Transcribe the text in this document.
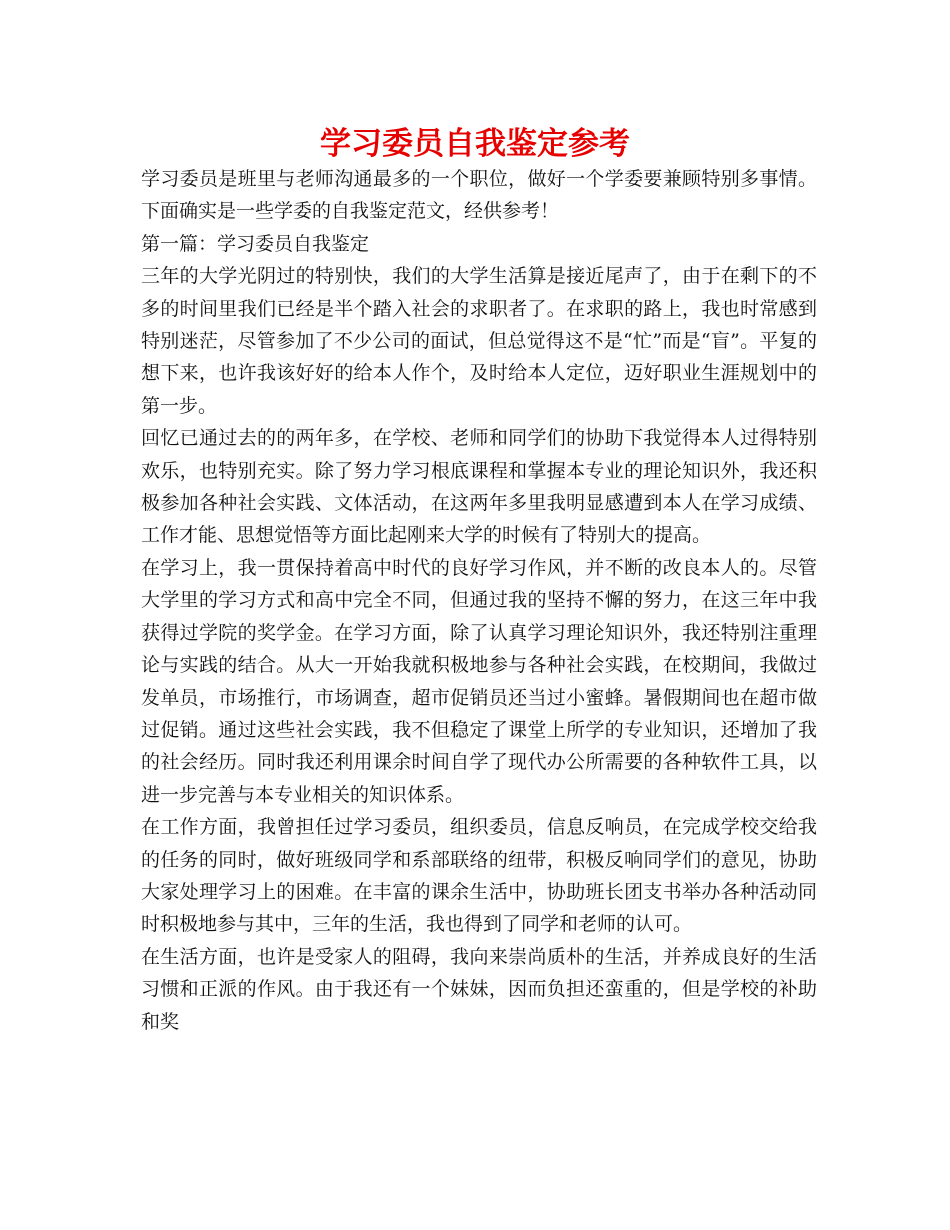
学习委员自我鉴定参考

学习委员是班里与老师沟通最多的一个职位，做好一个学委要兼顾特别多事情。下面确实是一些学委的自我鉴定范文，经供参考！

第一篇：学习委员自我鉴定

三年的大学光阴过的特别快，我们的大学生活算是接近尾声了，由于在剩下的不多的时间里我们已经是半个踏入社会的求职者了。在求职的路上，我也时常感到特别迷茫，尽管参加了不少公司的面试，但总觉得这不是“忙”而是“盲”。平复的想下来，也许我该好好的给本人作个，及时给本人定位，迈好职业生涯规划中的第一步。

回忆已通过去的的两年多，在学校、老师和同学们的协助下我觉得本人过得特别欢乐，也特别充实。除了努力学习根底课程和掌握本专业的理论知识外，我还积极参加各种社会实践、文体活动，在这两年多里我明显感遭到本人在学习成绩、工作才能、思想觉悟等方面比起刚来大学的时候有了特别大的提高。

在学习上，我一贯保持着高中时代的良好学习作风，并不断的改良本人的。尽管大学里的学习方式和高中完全不同，但通过我的坚持不懈的努力，在这三年中我获得过学院的奖学金。在学习方面，除了认真学习理论知识外，我还特别注重理论与实践的结合。从大一开始我就积极地参与各种社会实践，在校期间，我做过发单员，市场推行，市场调查，超市促销员还当过小蜜蜂。暑假期间也在超市做过促销。通过这些社会实践，我不但稳定了课堂上所学的专业知识，还增加了我的社会经历。同时我还利用课余时间自学了现代办公所需要的各种软件工具，以进一步完善与本专业相关的知识体系。

在工作方面，我曾担任过学习委员，组织委员，信息反响员，在完成学校交给我的任务的同时，做好班级同学和系部联络的纽带，积极反响同学们的意见，协助大家处理学习上的困难。在丰富的课余生活中，协助班长团支书举办各种活动同时积极地参与其中，三年的生活，我也得到了同学和老师的认可。

在生活方面，也许是受家人的阻碍，我向来崇尚质朴的生活，并养成良好的生活习惯和正派的作风。由于我还有一个妹妹，因而负担还蛮重的，但是学校的补助和奖
